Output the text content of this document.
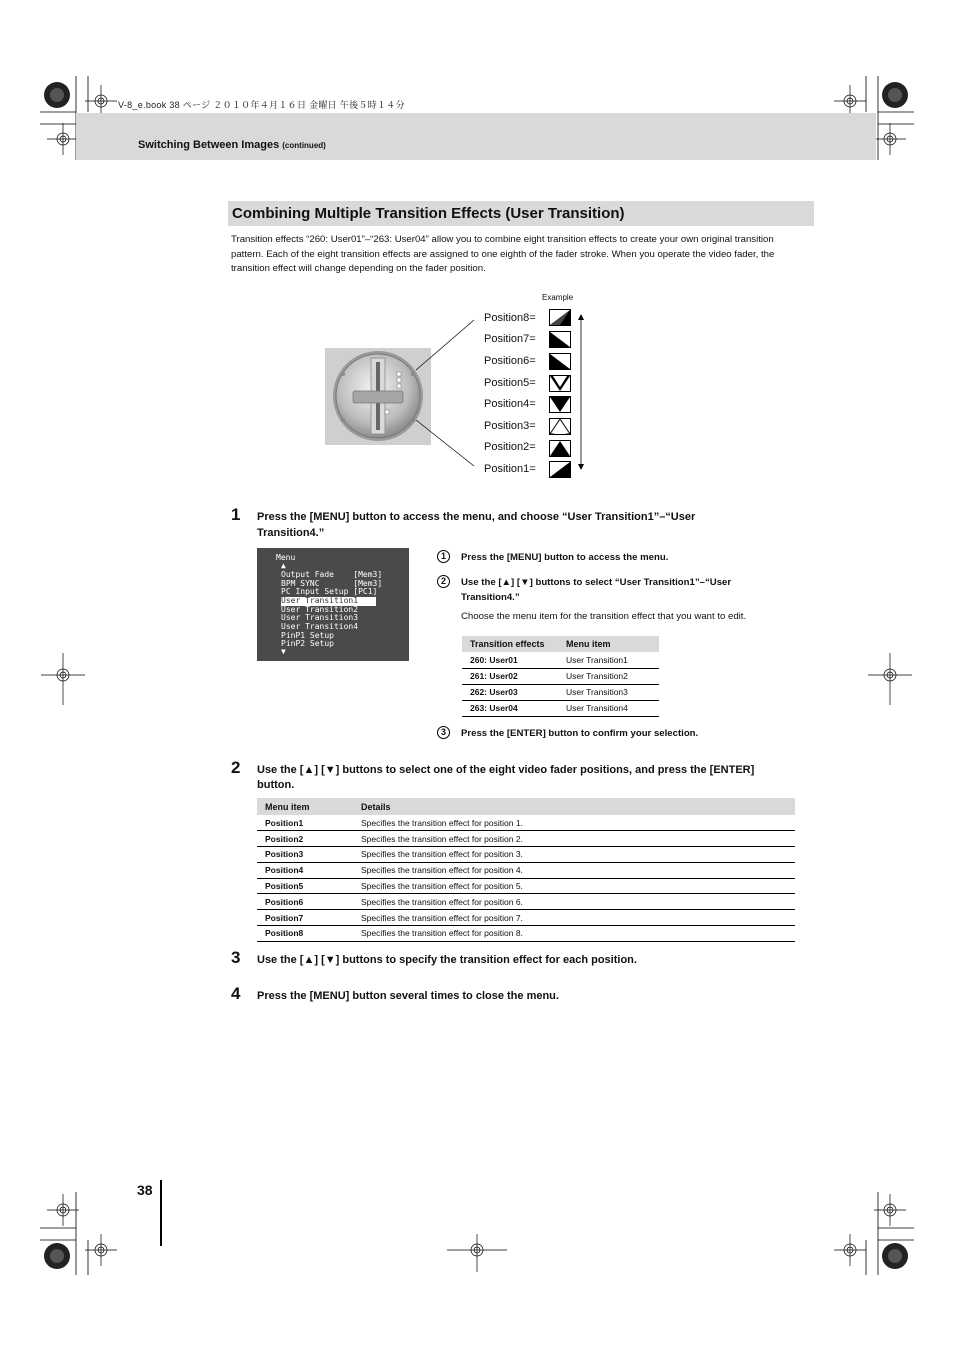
V-8_e.book 38 ページ ２０１０年４月１６日 金曜日 午後５時１４分
Switching Between Images (continued)
Combining Multiple Transition Effects (User Transition)
Transition effects “260: User01”–“263: User04” allow you to combine eight transition effects to create your own original transition pattern. Each of the eight transition effects are assigned to one eighth of the fader stroke. When you operate the video fader, the transition effect will change depending on the fader position.
Example
Position8=
Position7=
Position6=
Position5=
Position4=
Position3=
Position2=
Position1=
1 Press the [MENU] button to access the menu, and choose “User Transition1”–“User Transition4.”
Menu
▲
Output Fade    [Mem3]
BPM SYNC       [Mem3]
PC Input Setup [PC1]
User Transition1
User Transition2
User Transition3
User Transition4
PinP1 Setup
PinP2 Setup
▼
1	Press the [MENU] button to access the menu.
2	Use the [▲] [▼] buttons to select “User Transition1”–“User
Transition4.”
Choose the menu item for the transition effect that you want to edit.
Transition effects	Menu item
260: User01	User Transition1
261: User02	User Transition2
262: User03	User Transition3
263: User04	User Transition4
3	Press the [ENTER] button to confirm your selection.
2 Use the [▲] [▼] buttons to select one of the eight video fader positions, and press the [ENTER]
button.
Menu item	Details
Position1	Specifies the transition effect for position 1.
Position2	Specifies the transition effect for position 2.
Position3	Specifies the transition effect for position 3.
Position4	Specifies the transition effect for position 4.
Position5	Specifies the transition effect for position 5.
Position6	Specifies the transition effect for position 6.
Position7	Specifies the transition effect for position 7.
Position8	Specifies the transition effect for position 8.
3 Use the [▲] [▼] buttons to specify the transition effect for each position.
4 Press the [MENU] button several times to close the menu.
38
